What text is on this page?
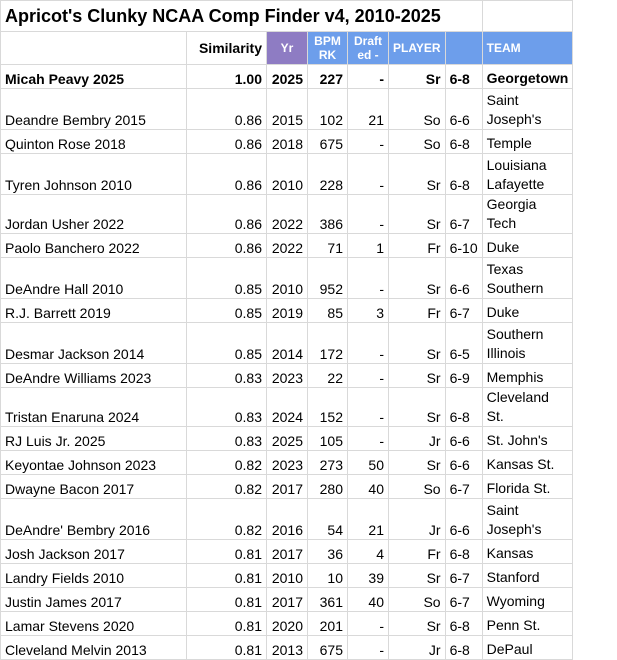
Apricot's Clunky NCAA Comp Finder v4, 2010-2025							
	Similarity	Yr	BPM RK	Drafted -	PLAYER		TEAM
Micah Peavy 2025	1.00	2025	227	-	Sr	6-8	Georgetown
Deandre Bembry 2015	0.86	2015	102	21	So	6-6	Saint Joseph's
Quinton Rose 2018	0.86	2018	675	-	So	6-8	Temple
Tyren Johnson 2010	0.86	2010	228	-	Sr	6-8	Louisiana Lafayette
Jordan Usher 2022	0.86	2022	386	-	Sr	6-7	Georgia Tech
Paolo Banchero 2022	0.86	2022	71	1	Fr	6-10	Duke
DeAndre Hall 2010	0.85	2010	952	-	Sr	6-6	Texas Southern
R.J. Barrett 2019	0.85	2019	85	3	Fr	6-7	Duke
Desmar Jackson 2014	0.85	2014	172	-	Sr	6-5	Southern Illinois
DeAndre Williams 2023	0.83	2023	22	-	Sr	6-9	Memphis
Tristan Enaruna 2024	0.83	2024	152	-	Sr	6-8	Cleveland St.
RJ Luis Jr. 2025	0.83	2025	105	-	Jr	6-6	St. John's
Keyontae Johnson 2023	0.82	2023	273	50	Sr	6-6	Kansas St.
Dwayne Bacon 2017	0.82	2017	280	40	So	6-7	Florida St.
DeAndre' Bembry 2016	0.82	2016	54	21	Jr	6-6	Saint Joseph's
Josh Jackson 2017	0.81	2017	36	4	Fr	6-8	Kansas
Landry Fields 2010	0.81	2010	10	39	Sr	6-7	Stanford
Justin James 2017	0.81	2017	361	40	So	6-7	Wyoming
Lamar Stevens 2020	0.81	2020	201	-	Sr	6-8	Penn St.
Cleveland Melvin 2013	0.81	2013	675	-	Jr	6-8	DePaul
